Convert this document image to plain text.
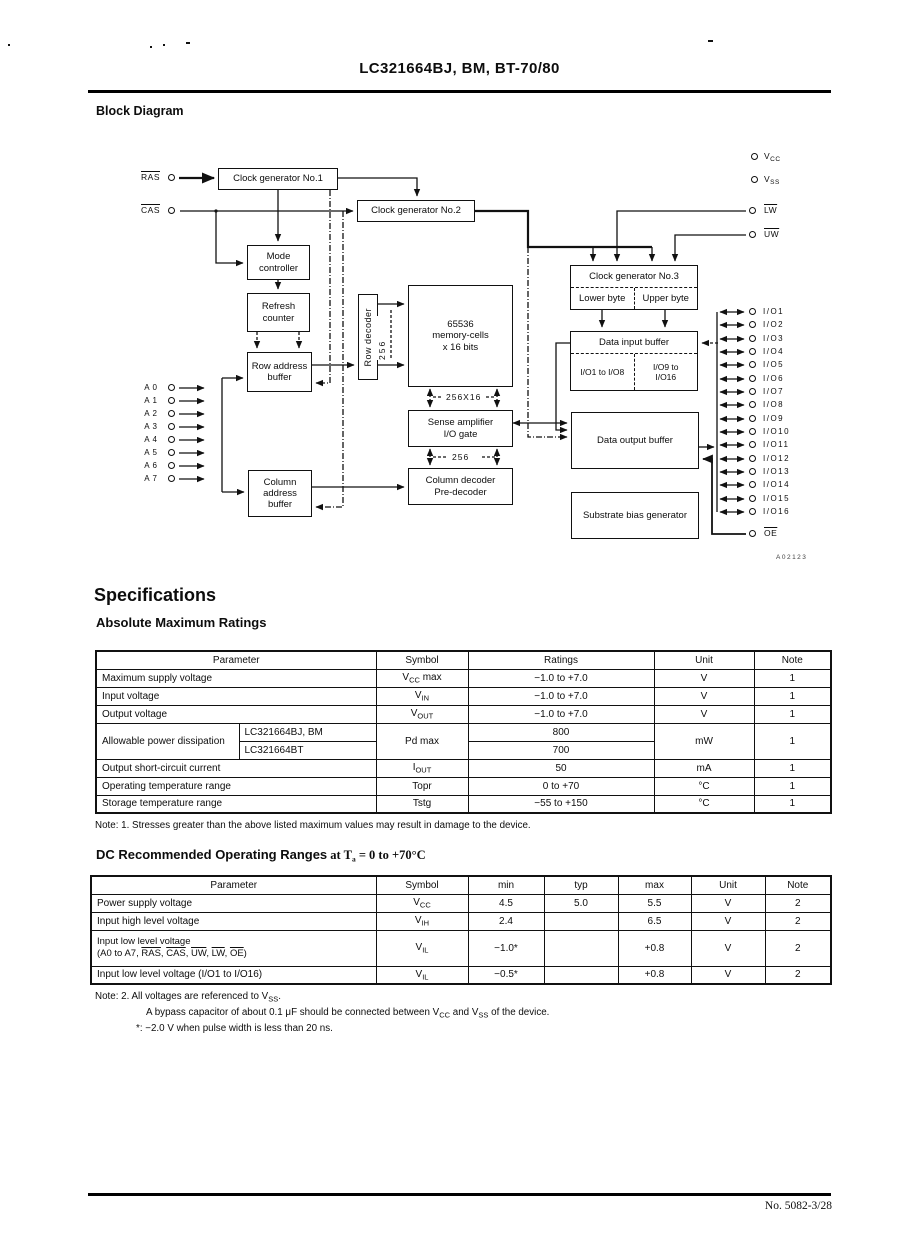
LC321664BJ, BM, BT-70/80
Block Diagram
Clock generator No.1
Clock generator No.2
Mode
controller
Refresh
counter
Row address
buffer
Row decoder 256
65536
memory-cells
x 16 bits
256X16
Sense amplifier
I/O gate
256
Column decoder
Pre-decoder
Column
address
buffer
Clock generator No.3
Lower byte	Upper byte
Data input buffer
I/O1 to I/O8	I/O9 to
I/O16
Data output buffer
Substrate bias generator
$\overline{RAS}$
$\overline{CAS}$
A0
A1
A2
A3
A4
A5
A6
A7
$V_{CC}$
$V_{SS}$
$\overline{LW}$
$\overline{UW}$
I/O1
I/O2
I/O3
I/O4
I/O5
I/O6
I/O7
I/O8
I/O9
I/O10
I/O11
I/O12
I/O13
I/O14
I/O15
I/O16
$\overline{OE}$
A02123
Specifications
Absolute Maximum Ratings
Parameter		Symbol	Ratings	Unit	Note
Maximum supply voltage		$V_{CC}$ max	−1.0 to +7.0	V	1
Input voltage		$V_{IN}$	−1.0 to +7.0	V	1
Output voltage		$V_{OUT}$	−1.0 to +7.0	V	1
Allowable power dissipation	LC321664BJ, BM	Pd max	800	mW	1
	LC321664BT		700		
Output short-circuit current		$I_{OUT}$	50	mA	1
Operating temperature range		Topr	0 to +70	°C	1
Storage temperature range		Tstg	−55 to +150	°C	1
Note: 1. Stresses greater than the above listed maximum values may result in damage to the device.
DC Recommended Operating Ranges at $T_a = 0$ to +70°C
Parameter	Symbol	min	typ	max	Unit	Note
Power supply voltage	$V_{CC}$	4.5	5.0	5.5	V	2
Input high level voltage	$V_{IH}$	2.4		6.5	V	2
Input low level voltage
(A0 to A7, $\overline{RAS}$, $\overline{CAS}$, $\overline{UW}$, $\overline{LW}$, $\overline{OE}$)	$V_{IL}$	−1.0*		+0.8	V	2
Input low level voltage (I/O1 to I/O16)	$V_{IL}$	−0.5*		+0.8	V	2
Note: 2. All voltages are referenced to $V_{SS}$.
A bypass capacitor of about 0.1 μF should be connected between $V_{CC}$ and $V_{SS}$ of the device.
*: −2.0 V when pulse width is less than 20 ns.
No. 5082-3/28
